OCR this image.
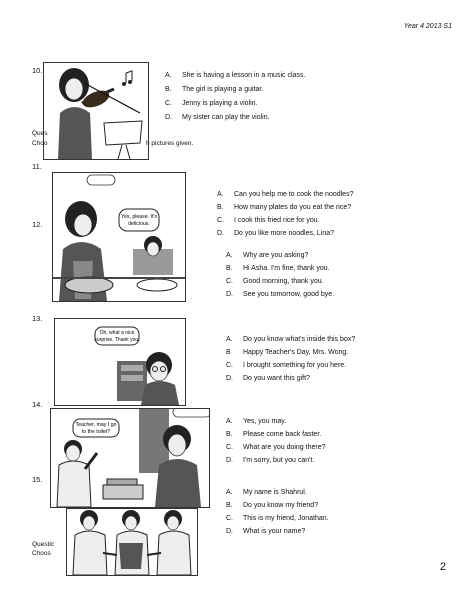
Year 4 2013 S1
10.
A. She is having a lesson in a music class.
B. The girl is playing a guitar.
C. Jenny is playing a violin.
D. My sister can play the violin.
Ques
Choo	h pictures given.
11.
Yes, please. It's
delicious.
A. Can you help me to cook the noodles?
B. How many plates do you eat the rice?
C. I cook this fried rice for you.
D. Do you like more noodles, Lina?
12.
A. Why are you asking?
B. Hi Asha. I'm fine, thank you.
C. Good morning, thank you.
D. See you tomorrow, good bye.
13.
Oh, what a nice
surprise. Thank you.	A. Do you know what's inside this box?
B Happy Teacher's Day, Mrs. Wong.
C. I brought something for you here.
D. Do you want this gift?
14.
Teacher, may I go
to the toilet?
A. Yes, you may.
B. Please come back faster.
C. What are you doing there?
D. I'm sorry, but you can't.
15.
A. My name is Shahrul.
B. Do you know my friend?
C. This is my friend, Jonathan.
D. What is your name?
Questic
Choos
2
